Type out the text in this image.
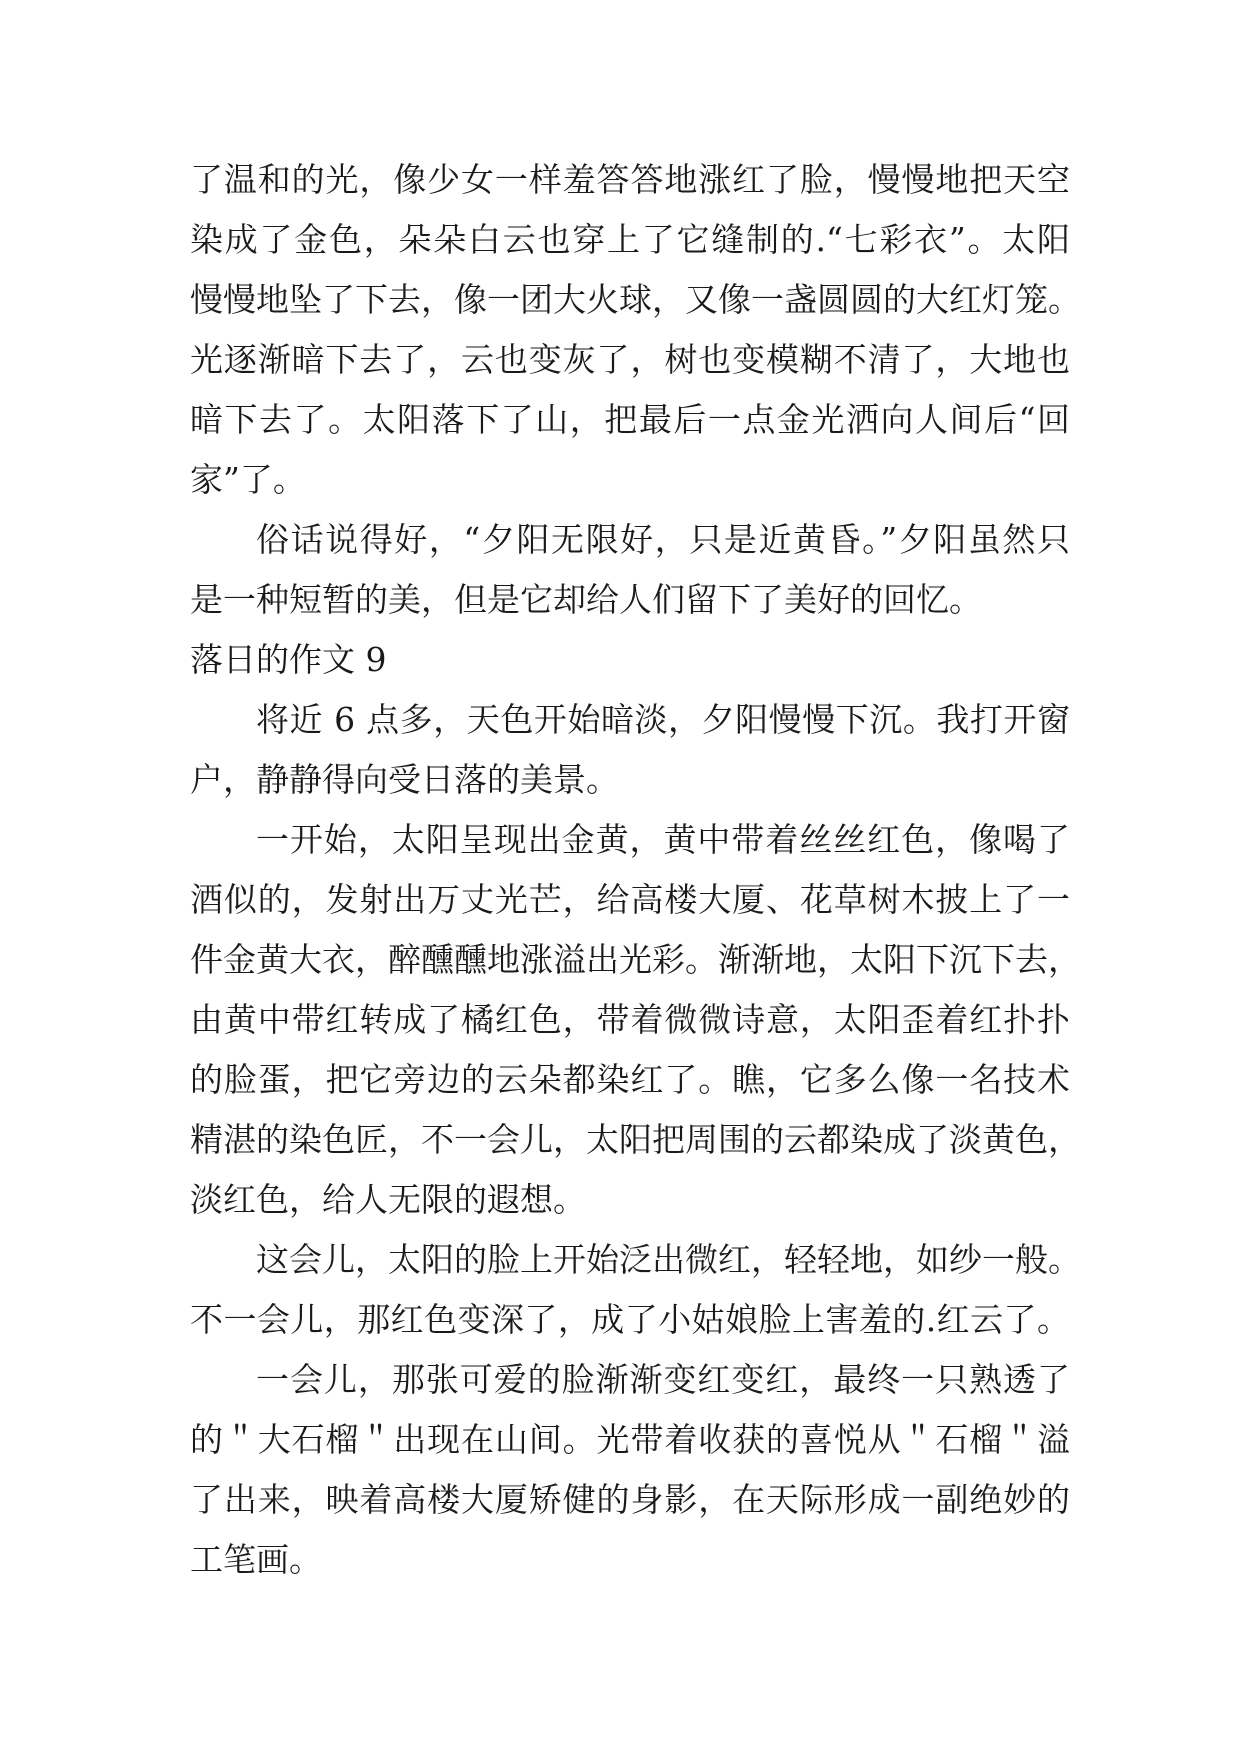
了温和的光，像少女一样羞答答地涨红了脸，慢慢地把天空
染成了金色，朵朵白云也穿上了它缝制的.“七彩衣”。太阳
慢慢地坠了下去，像一团大火球，又像一盏圆圆的大红灯笼。
光逐渐暗下去了，云也变灰了，树也变模糊不清了，大地也
暗下去了。太阳落下了山，把最后一点金光洒向人间后“回
家”了。
俗话说得好，“夕阳无限好，只是近黄昏。”夕阳虽然只
是一种短暂的美，但是它却给人们留下了美好的回忆。
落日的作文 9
将近 6 点多，天色开始暗淡，夕阳慢慢下沉。我打开窗
户，静静得向受日落的美景。
一开始，太阳呈现出金黄，黄中带着丝丝红色，像喝了
酒似的，发射出万丈光芒，给高楼大厦、花草树木披上了一
件金黄大衣，醉醺醺地涨溢出光彩。渐渐地，太阳下沉下去，
由黄中带红转成了橘红色，带着微微诗意，太阳歪着红扑扑
的脸蛋，把它旁边的云朵都染红了。瞧，它多么像一名技术
精湛的染色匠，不一会儿，太阳把周围的云都染成了淡黄色，
淡红色，给人无限的遐想。
这会儿，太阳的脸上开始泛出微红，轻轻地，如纱一般。
不一会儿，那红色变深了，成了小姑娘脸上害羞的.红云了。
一会儿，那张可爱的脸渐渐变红变红，最终一只熟透了
的＂大石榴＂出现在山间。光带着收获的喜悦从＂石榴＂溢
了出来，映着高楼大厦矫健的身影，在天际形成一副绝妙的
工笔画。
